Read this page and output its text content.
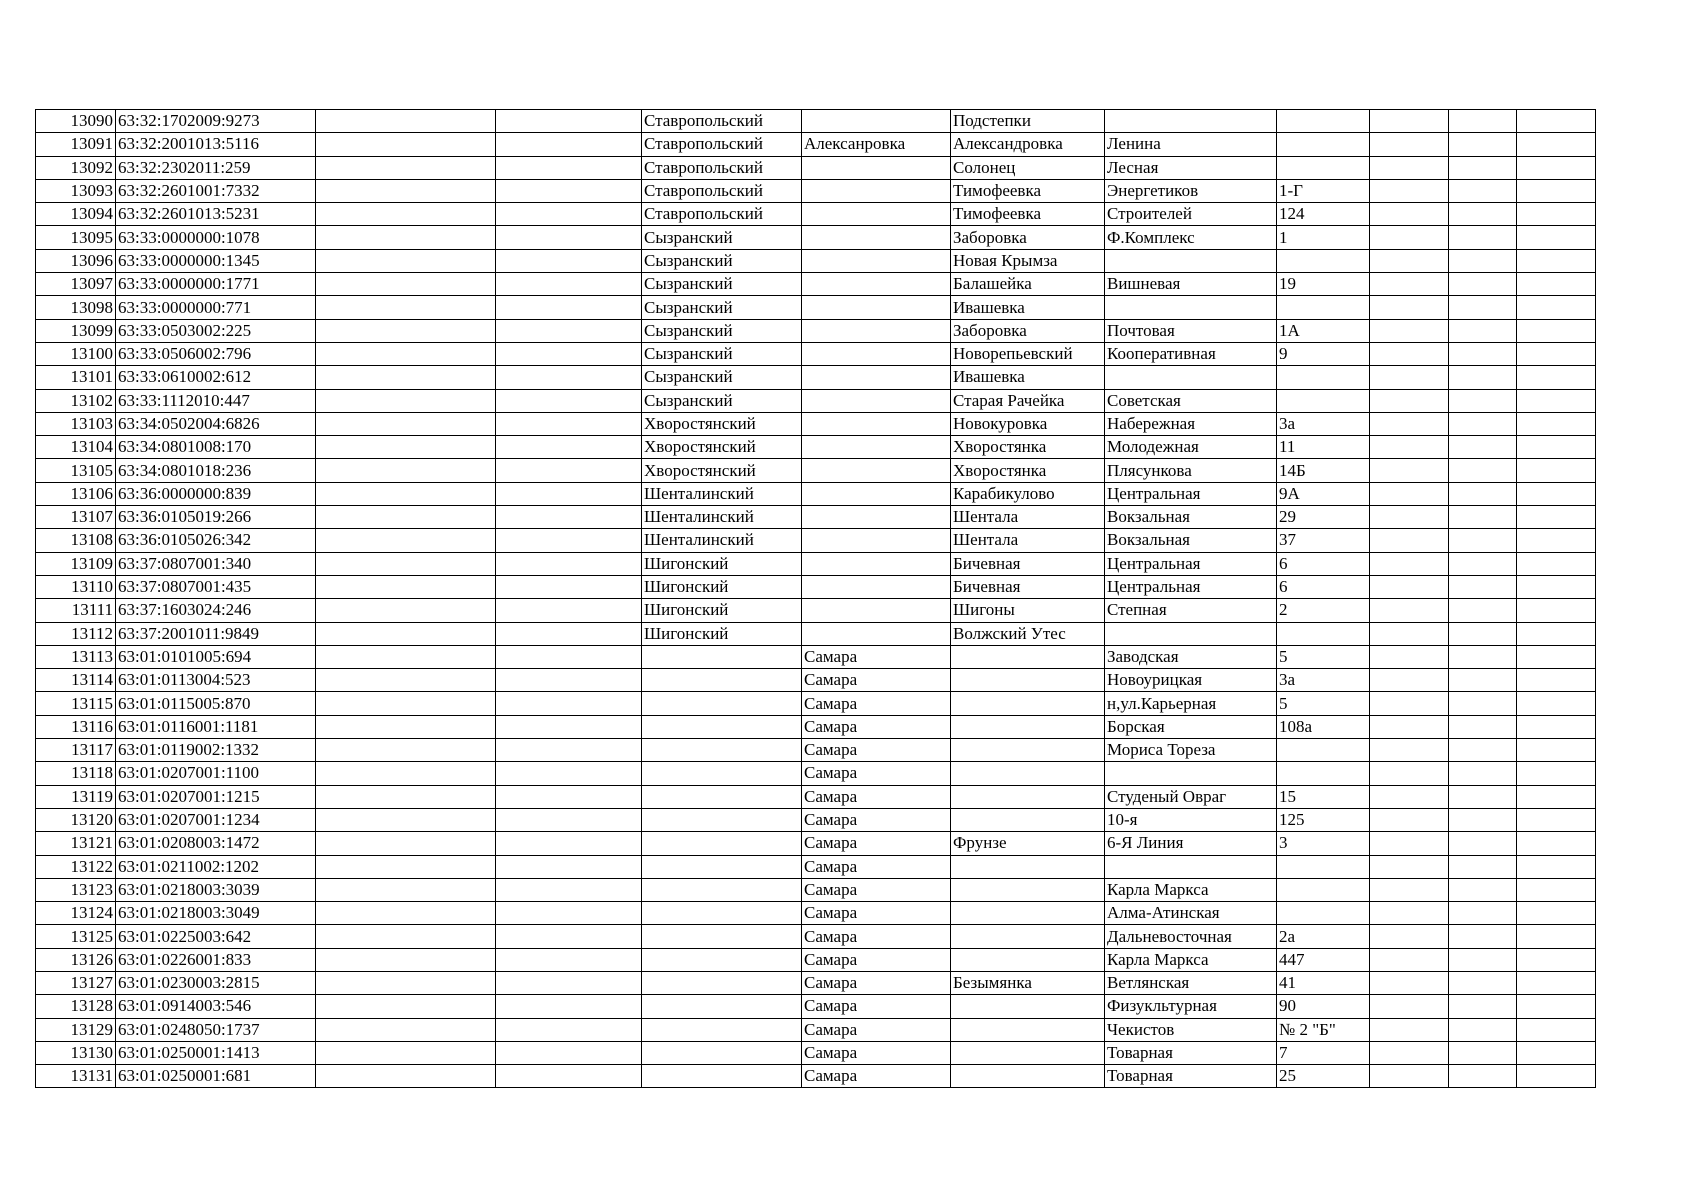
13090	63:32:1702009:9273			Ставропольский		Подстепки					
13091	63:32:2001013:5116			Ставропольский	Алексанровка	Александровка	Ленина				
13092	63:32:2302011:259			Ставропольский		Солонец	Лесная				
13093	63:32:2601001:7332			Ставропольский		Тимофеевка	Энергетиков	1-Г			
13094	63:32:2601013:5231			Ставропольский		Тимофеевка	Строителей	124			
13095	63:33:0000000:1078			Сызранский		Заборовка	Ф.Комплекс	1			
13096	63:33:0000000:1345			Сызранский		Новая Крымза					
13097	63:33:0000000:1771			Сызранский		Балашейка	Вишневая	19			
13098	63:33:0000000:771			Сызранский		Ивашевка					
13099	63:33:0503002:225			Сызранский		Заборовка	Почтовая	1А			
13100	63:33:0506002:796			Сызранский		Новорепьевский	Кооперативная	9			
13101	63:33:0610002:612			Сызранский		Ивашевка					
13102	63:33:1112010:447			Сызранский		Старая Рачейка	Советская				
13103	63:34:0502004:6826			Хворостянский		Новокуровка	Набережная	3а			
13104	63:34:0801008:170			Хворостянский		Хворостянка	Молодежная	11			
13105	63:34:0801018:236			Хворостянский		Хворостянка	Плясункова	14Б			
13106	63:36:0000000:839			Шенталинский		Карабикулово	Центральная	9А			
13107	63:36:0105019:266			Шенталинский		Шентала	Вокзальная	29			
13108	63:36:0105026:342			Шенталинский		Шентала	Вокзальная	37			
13109	63:37:0807001:340			Шигонский		Бичевная	Центральная	6			
13110	63:37:0807001:435			Шигонский		Бичевная	Центральная	6			
13111	63:37:1603024:246			Шигонский		Шигоны	Степная	2			
13112	63:37:2001011:9849			Шигонский		Волжский Утес					
13113	63:01:0101005:694				Самара		Заводская	5			
13114	63:01:0113004:523				Самара		Новоурицкая	3а			
13115	63:01:0115005:870				Самара		н,ул.Карьерная	5			
13116	63:01:0116001:1181				Самара		Борская	108а			
13117	63:01:0119002:1332				Самара		Мориса Тореза				
13118	63:01:0207001:1100				Самара						
13119	63:01:0207001:1215				Самара		Студеный Овраг	15			
13120	63:01:0207001:1234				Самара		10-я	125			
13121	63:01:0208003:1472				Самара	Фрунзе	6-Я Линия	3			
13122	63:01:0211002:1202				Самара						
13123	63:01:0218003:3039				Самара		Карла Маркса				
13124	63:01:0218003:3049				Самара		Алма-Атинская				
13125	63:01:0225003:642				Самара		Дальневосточная	2а			
13126	63:01:0226001:833				Самара		Карла Маркса	447			
13127	63:01:0230003:2815				Самара	Безымянка	Ветлянская	41			
13128	63:01:0914003:546				Самара		Физукльтурная	90			
13129	63:01:0248050:1737				Самара		Чекистов	№ 2 "Б"			
13130	63:01:0250001:1413				Самара		Товарная	7			
13131	63:01:0250001:681				Самара		Товарная	25			
